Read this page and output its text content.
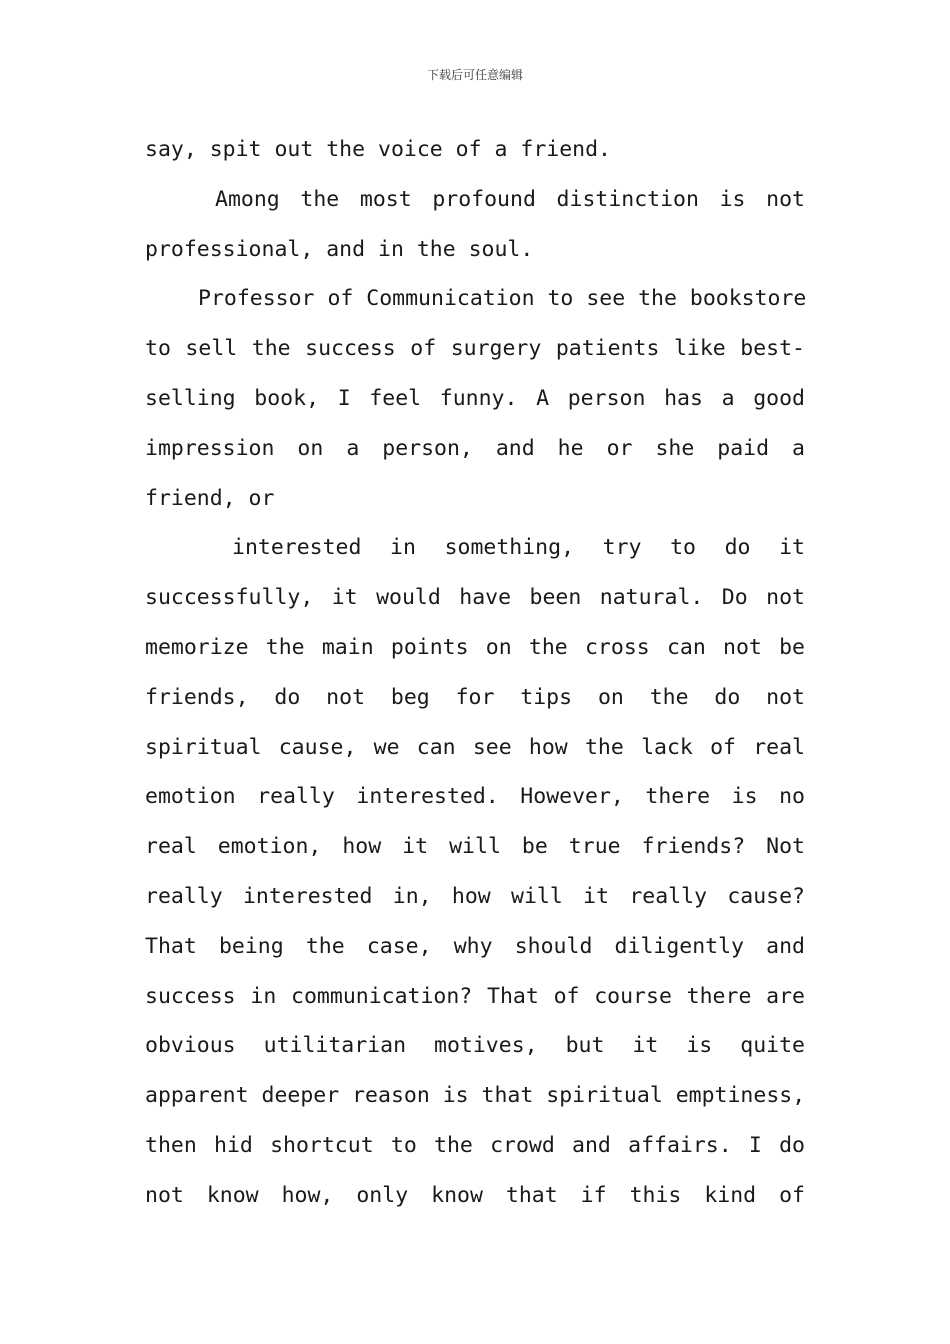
下载后可任意编辑
say, spit out the voice of a friend.
Among the most profound distinction is not
professional, and in the soul.
Professor of Communication to see the bookstore
to sell the success of surgery patients like best-
selling book, I feel funny. A person has a good
impression on a person, and he or she paid a
friend, or
interested in something, try to do it
successfully, it would have been natural. Do not
memorize the main points on the cross can not be
friends, do not beg for tips on the do not
spiritual cause, we can see how the lack of real
emotion really interested. However, there is no
real emotion, how it will be true friends? Not
really interested in, how will it really cause?
That being the case, why should diligently and
success in communication? That of course there are
obvious utilitarian motives, but it is quite
apparent deeper reason is that spiritual emptiness,
then hid shortcut to the crowd and affairs. I do
not know how, only know that if this kind of
